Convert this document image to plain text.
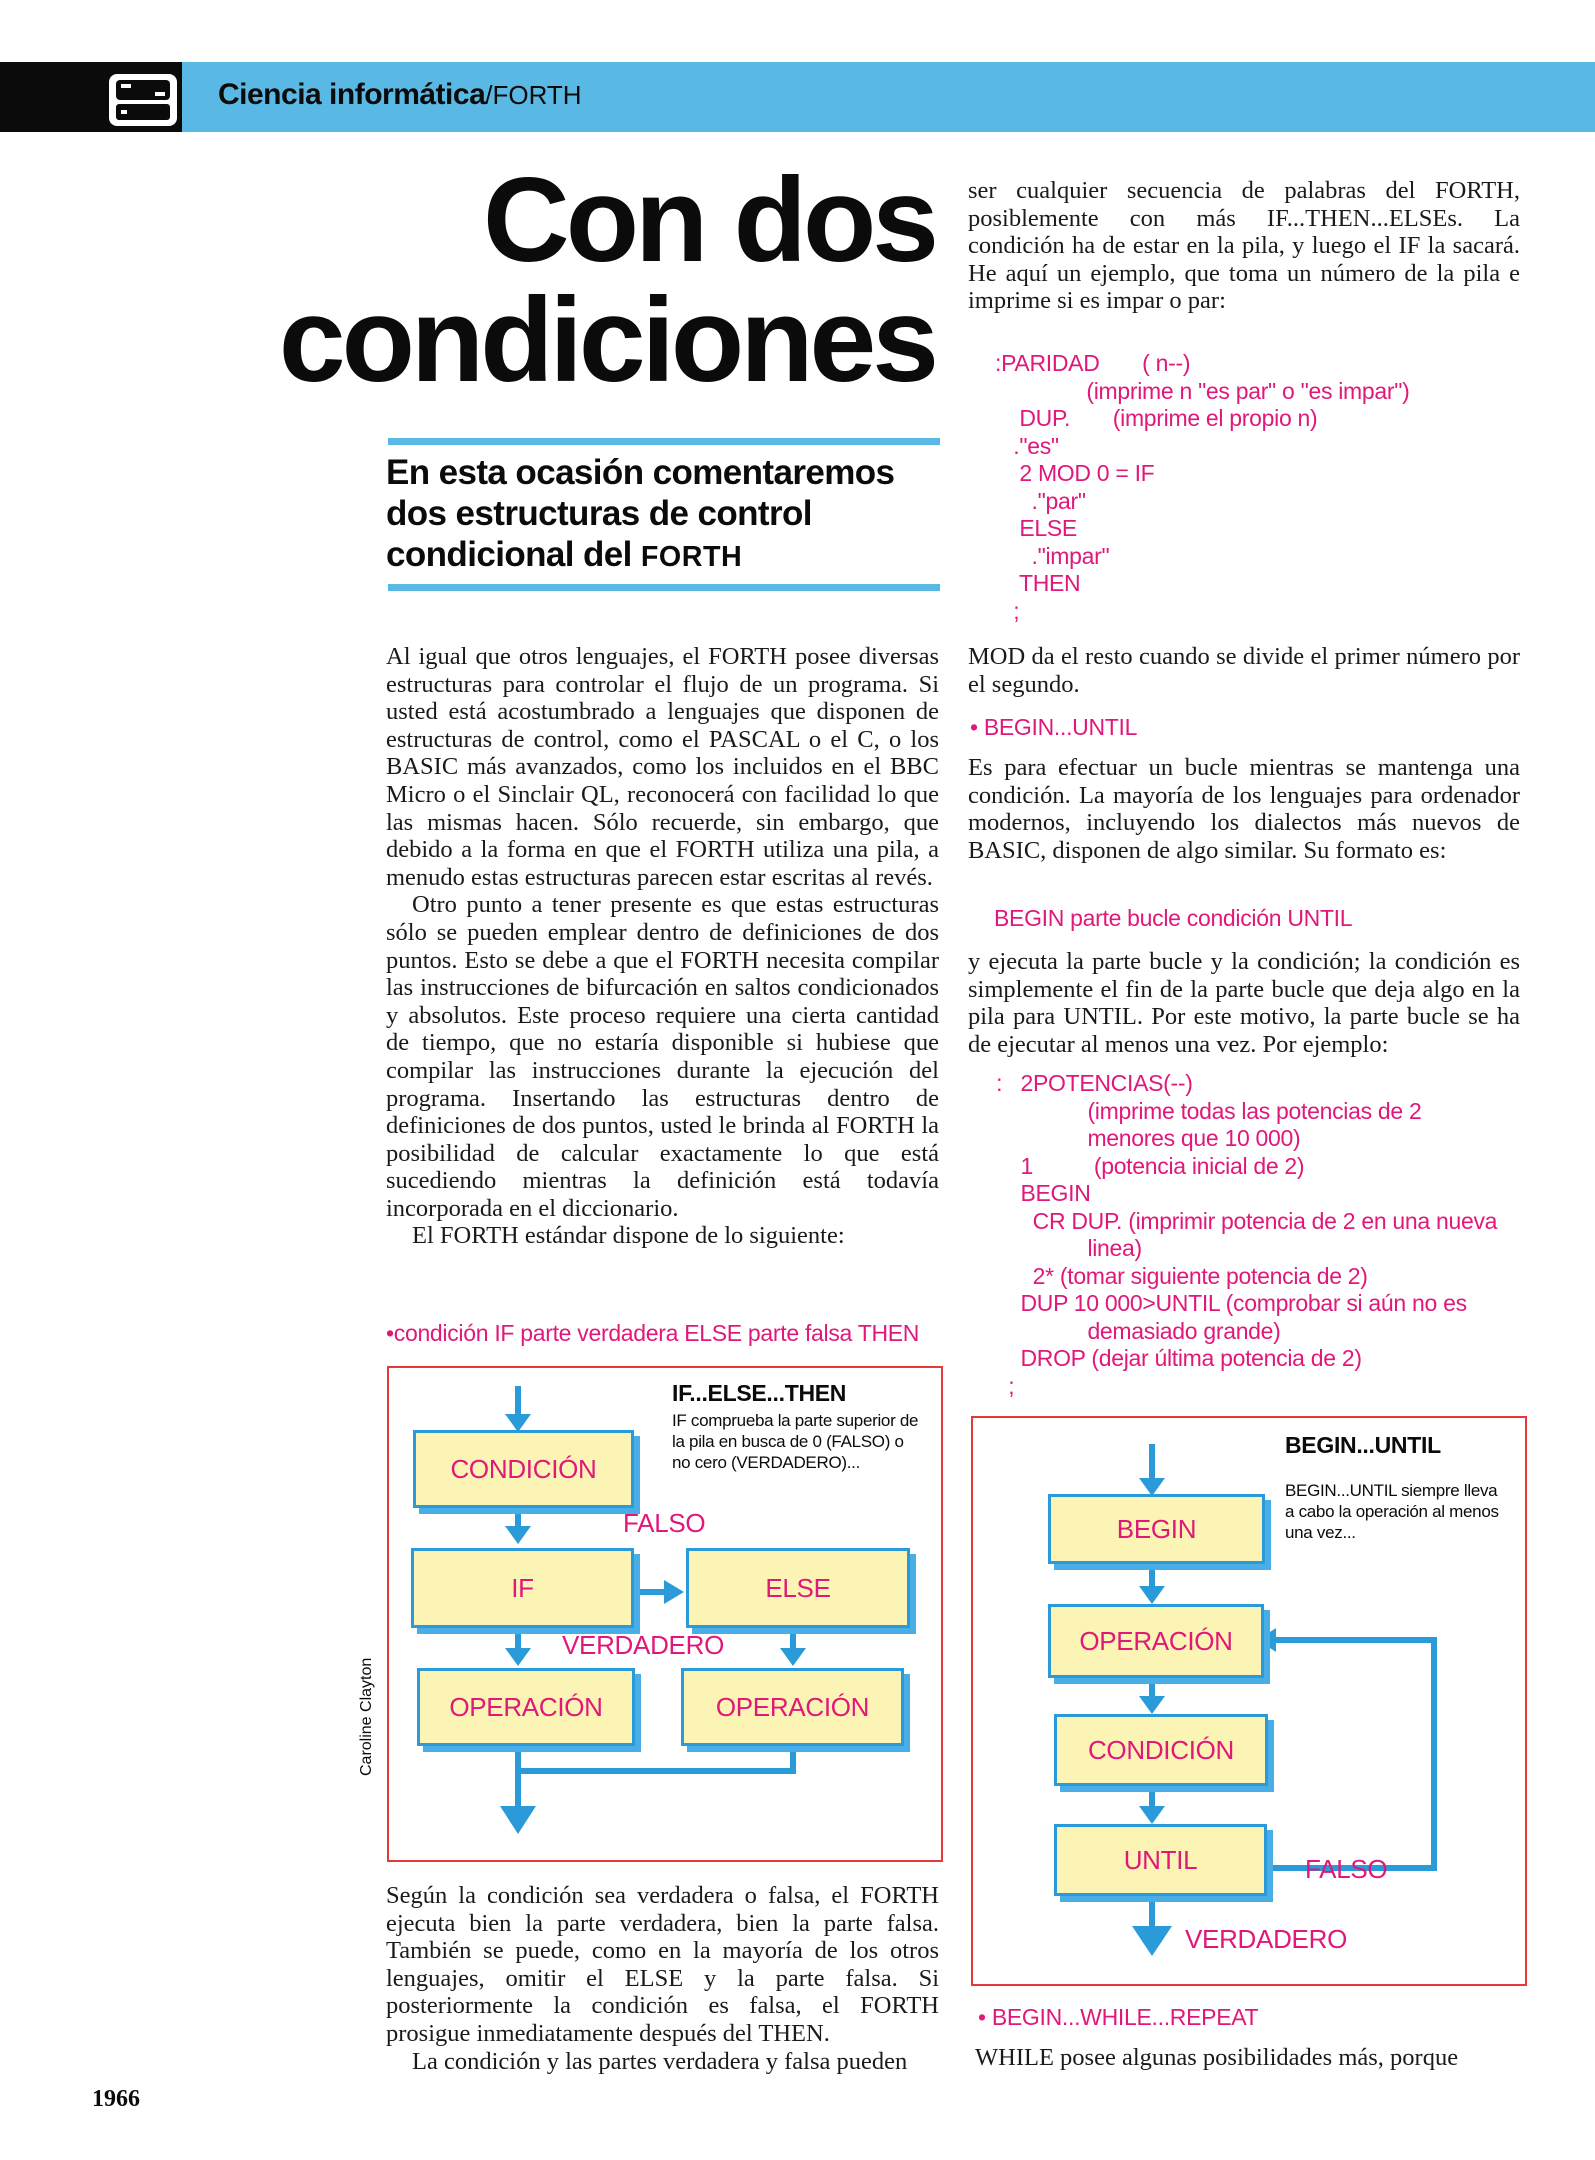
Ciencia informática/FORTH
Con dos
condiciones
En esta ocasión comentaremos dos estructuras de control condicional del FORTH

Al igual que otros lenguajes, el FORTH posee diversas estructuras para controlar el flujo de un programa. Si usted está acostumbrado a lenguajes que disponen de estructuras de control, como el PASCAL o el C, o los BASIC más avanzados, como los incluidos en el BBC Micro o el Sinclair QL, reconocerá con facilidad lo que las mismas hacen. Sólo recuerde, sin embargo, que debido a la forma en que el FORTH utiliza una pila, a menudo estas estructuras parecen estar escritas al revés.

Otro punto a tener presente es que estas estructuras sólo se pueden emplear dentro de definiciones de dos puntos. Esto se debe a que el FORTH necesita compilar las instrucciones de bifurcación en saltos condicionados y absolutos. Este proceso requiere una cierta cantidad de tiempo, que no estaría disponible si hubiese que compilar las instrucciones durante la ejecución del programa. Insertando las estructuras dentro de definiciones de dos puntos, usted le brinda al FORTH la posibilidad de calcular exactamente lo que está sucediendo mientras la definición está todavía incorporada en el diccionario.

El FORTH estándar dispone de lo siguiente:

•condición IF parte verdadera ELSE parte falsa THEN
IF...ELSE...THEN
IF comprueba la parte superior de la pila en busca de 0 (FALSO) o no cero (VERDADERO)...
CONDICIÓN
FALSO
IF	ELSE
VERDADERO
OPERACIÓN	OPERACIÓN
Caroline Clayton

Según la condición sea verdadera o falsa, el FORTH ejecuta bien la parte verdadera, bien la parte falsa. También se puede, como en la mayoría de los otros lenguajes, omitir el ELSE y la parte falsa. Si posteriormente la condición es falsa, el FORTH prosigue inmediatamente después del THEN.

La condición y las partes verdadera y falsa pueden

ser cualquier secuencia de palabras del FORTH, posiblemente con más IF...THEN...ELSEs. La condición ha de estar en la pila, y luego el IF la sacará. He aquí un ejemplo, que toma un número de la pila e imprime si es impar o par:
:PARIDAD       ( n--)
(imprime n "es par" o "es impar")
DUP.       (imprime el propio n)
."es"
2 MOD 0 = IF
."par"
ELSE
."impar"
THEN
;
MOD da el resto cuando se divide el primer número por el segundo.
• BEGIN...UNTIL
Es para efectuar un bucle mientras se mantenga una condición. La mayoría de los lenguajes para ordenador modernos, incluyendo los dialectos más nuevos de BASIC, disponen de algo similar. Su formato es:
BEGIN parte bucle condición UNTIL
y ejecuta la parte bucle y la condición; la condición es simplemente el fin de la parte bucle que deja algo en la pila para UNTIL. Por este motivo, la parte bucle se ha de ejecutar al menos una vez. Por ejemplo:
:   2POTENCIAS(--)
(imprime todas las potencias de 2
menores que 10 000)
1          (potencia inicial de 2)
BEGIN
CR DUP. (imprimir potencia de 2 en una nueva
linea)
2* (tomar siguiente potencia de 2)
DUP 10 000>UNTIL (comprobar si aún no es
demasiado grande)
DROP (dejar última potencia de 2)
;
BEGIN...UNTIL
BEGIN...UNTIL siempre lleva a cabo la operación al menos una vez...
BEGIN
OPERACIÓN
CONDICIÓN
UNTIL	FALSO
VERDADERO
• BEGIN...WHILE...REPEAT
WHILE posee algunas posibilidades más, porque
1966
